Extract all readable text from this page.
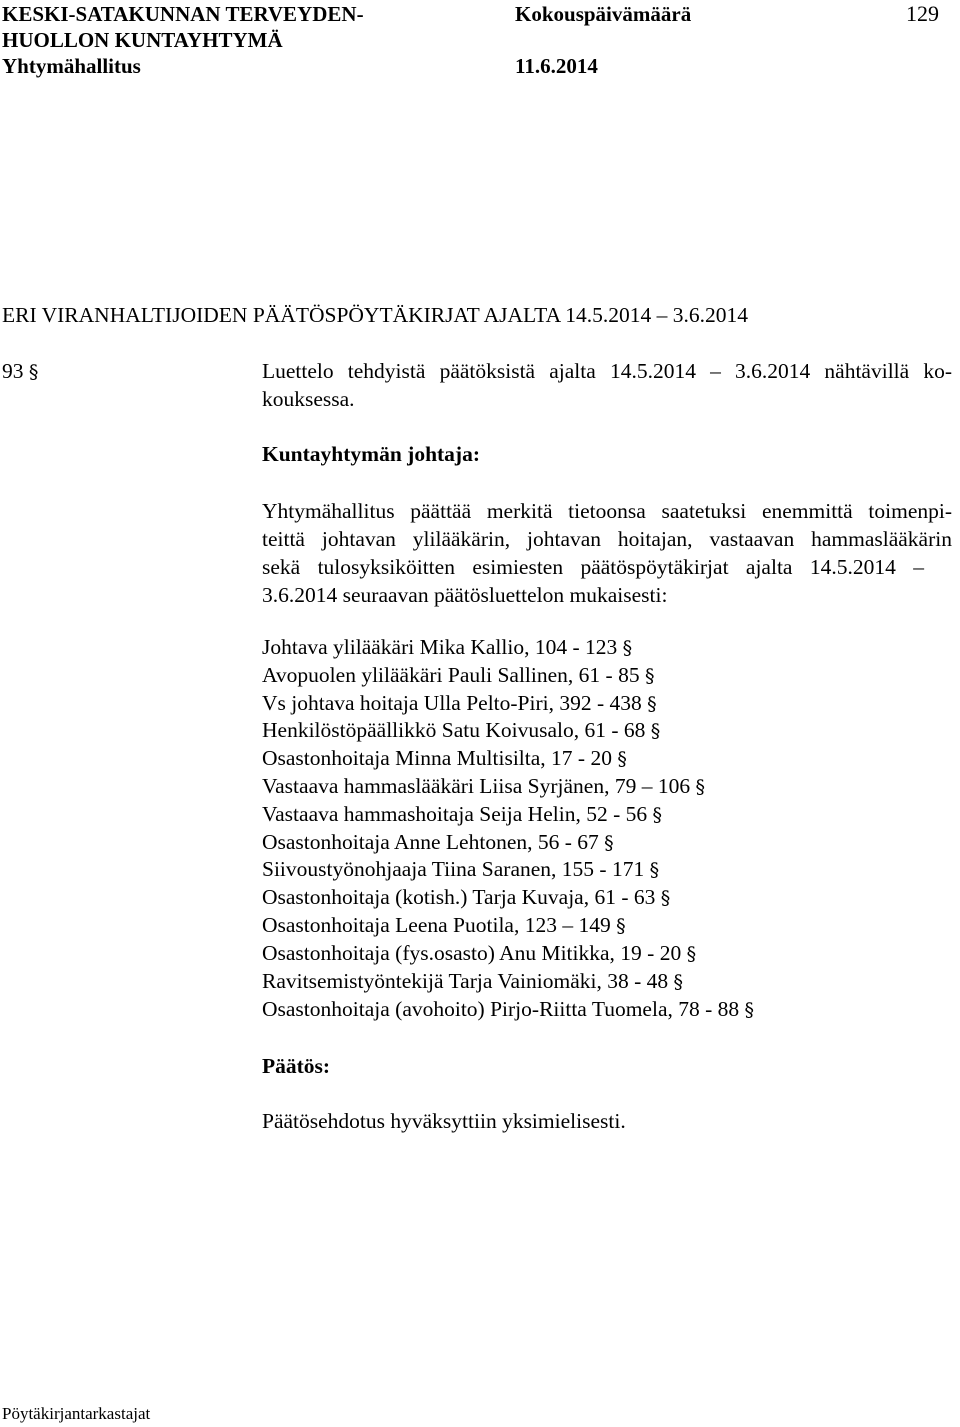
KESKI-SATAKUNNAN TERVEYDEN-
HUOLLON KUNTAYHTYMÄ
Yhtymähallitus
Kokouspäivämäärä
11.6.2014
129
ERI VIRANHALTIJOIDEN PÄÄTÖSPÖYTÄKIRJAT AJALTA 14.5.2014 – 3.6.2014
93 §	Luettelo tehdyistä päätöksistä ajalta 14.5.2014 – 3.6.2014 nähtävillä ko-
kouksessa.
Kuntayhtymän johtaja:
Yhtymähallitus päättää merkitä tietoonsa saatetuksi enemmittä toimenpi-
teittä johtavan ylilääkärin, johtavan hoitajan, vastaavan hammaslääkärin
sekä tulosyksiköitten esimiesten päätöspöytäkirjat ajalta 14.5.2014 –
3.6.2014 seuraavan päätösluettelon mukaisesti:
Johtava ylilääkäri Mika Kallio, 104 - 123 §
Avopuolen ylilääkäri Pauli Sallinen, 61 - 85 §
Vs johtava hoitaja Ulla Pelto-Piri, 392 - 438 §
Henkilöstöpäällikkö Satu Koivusalo, 61 - 68 §
Osastonhoitaja Minna Multisilta, 17 - 20 §
Vastaava hammaslääkäri Liisa Syrjänen, 79 – 106 §
Vastaava hammashoitaja Seija Helin, 52 - 56 §
Osastonhoitaja Anne Lehtonen, 56 - 67 §
Siivoustyönohjaaja Tiina Saranen, 155 - 171 §
Osastonhoitaja (kotish.) Tarja Kuvaja, 61 - 63 §
Osastonhoitaja Leena Puotila, 123 – 149 §
Osastonhoitaja (fys.osasto) Anu Mitikka, 19 - 20 §
Ravitsemistyöntekijä Tarja Vainiomäki, 38 - 48 §
Osastonhoitaja (avohoito) Pirjo-Riitta Tuomela, 78 - 88 §
Päätös:
Päätösehdotus hyväksyttiin yksimielisesti.
Pöytäkirjantarkastajat
